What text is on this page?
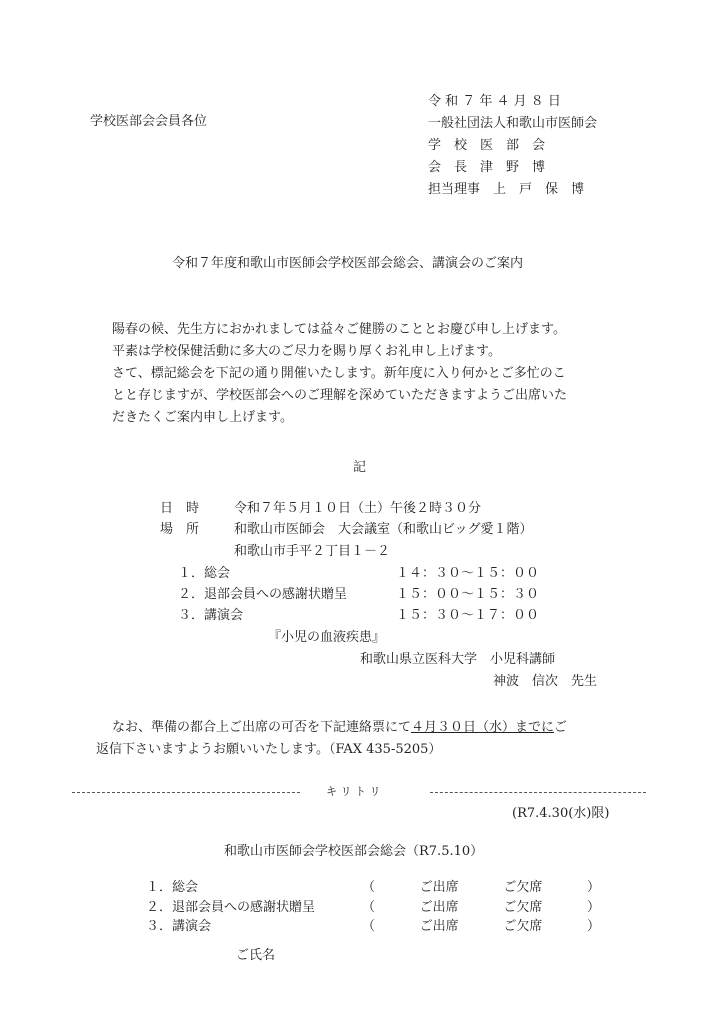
学校医部会会員各位
令 和 ７ 年 ４ 月 ８ 日
一般社団法人和歌山市医師会
学　校　医　部　会
会　長　津　野　博
担当理事　上　戸　保　博
令和７年度和歌山市医師会学校医部会総会、講演会のご案内
陽春の候、先生方におかれましては益々ご健勝のこととお慶び申し上げます。
平素は学校保健活動に多大のご尽力を賜り厚くお礼申し上げます。
さて、標記総会を下記の通り開催いたします。新年度に入り何かとご多忙のこ
とと存じますが、学校医部会へのご理解を深めていただきますようご出席いた
だきたくご案内申し上げます。
記
日　時	令和７年５月１０日（土）午後２時３０分
場　所	和歌山市医師会　大会議室（和歌山ビッグ愛１階）
和歌山市手平２丁目１－２
１．総会	１４：３０～１５：００
２．退部会員への感謝状贈呈	１５：００～１５：３０
３．講演会	１５：３０～１７：００
『小児の血液疾患』
和歌山県立医科大学　小児科講師
神波　信次　先生
なお、準備の都合上ご出席の可否を下記連絡票にて４月３０日（水）までにご
返信下さいますようお願いいたします。（FAX 435-5205）
キ リ ト リ
(R7.4.30(水)限)
和歌山市医師会学校医部会総会（R7.5.10）
１．総会	（	ご出席	ご欠席	）
２．退部会員への感謝状贈呈	（	ご出席	ご欠席	）
３．講演会	（	ご出席	ご欠席	）
ご氏名
